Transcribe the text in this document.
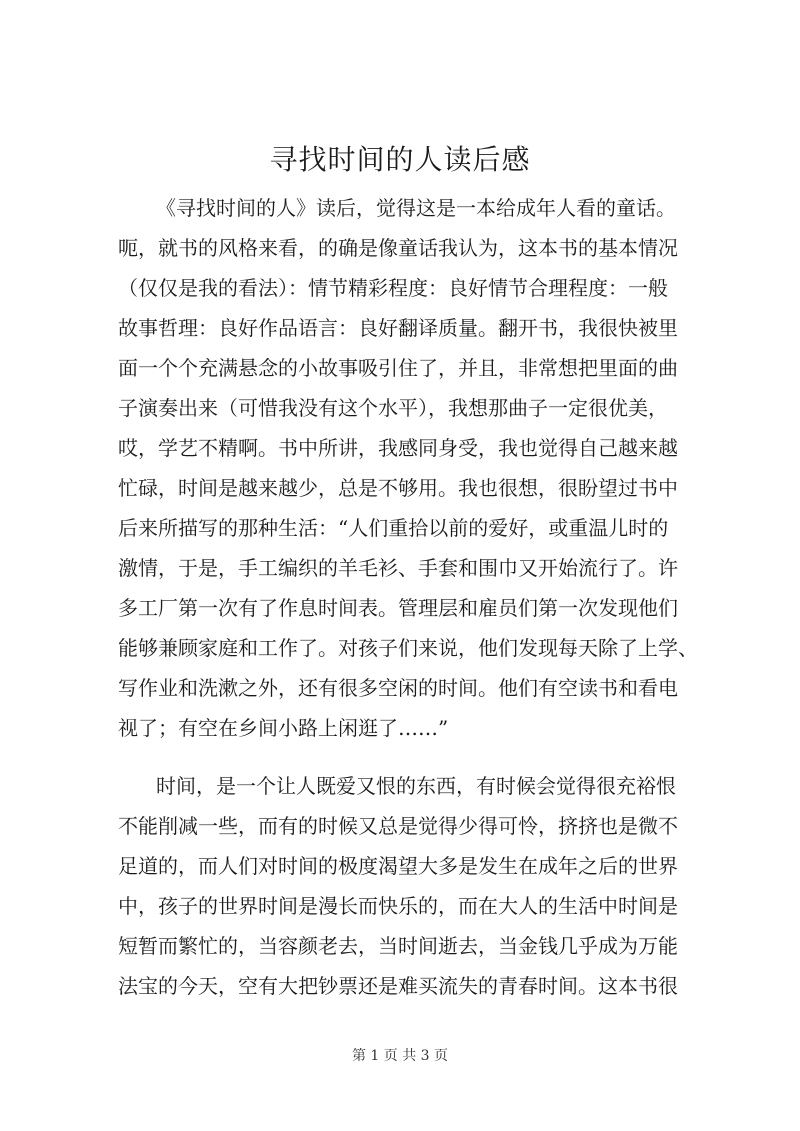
寻找时间的人读后感
《寻找时间的人》读后，觉得这是一本给成年人看的童话。
呃，就书的风格来看，的确是像童话我认为，这本书的基本情况
（仅仅是我的看法）：情节精彩程度：良好情节合理程度：一般
故事哲理：良好作品语言：良好翻译质量。翻开书，我很快被里
面一个个充满悬念的小故事吸引住了，并且，非常想把里面的曲
子演奏出来（可惜我没有这个水平），我想那曲子一定很优美，
哎，学艺不精啊。书中所讲，我感同身受，我也觉得自己越来越
忙碌，时间是越来越少，总是不够用。我也很想，很盼望过书中
后来所描写的那种生活：“人们重拾以前的爱好，或重温儿时的
激情，于是，手工编织的羊毛衫、手套和围巾又开始流行了。许
多工厂第一次有了作息时间表。管理层和雇员们第一次发现他们
能够兼顾家庭和工作了。对孩子们来说，他们发现每天除了上学、
写作业和洗漱之外，还有很多空闲的时间。他们有空读书和看电
视了；有空在乡间小路上闲逛了……”
时间，是一个让人既爱又恨的东西，有时候会觉得很充裕恨
不能削减一些，而有的时候又总是觉得少得可怜，挤挤也是微不
足道的，而人们对时间的极度渴望大多是发生在成年之后的世界
中，孩子的世界时间是漫长而快乐的，而在大人的生活中时间是
短暂而繁忙的，当容颜老去，当时间逝去，当金钱几乎成为万能
法宝的今天，空有大把钞票还是难买流失的青春时间。这本书很
第 1 页 共 3 页
